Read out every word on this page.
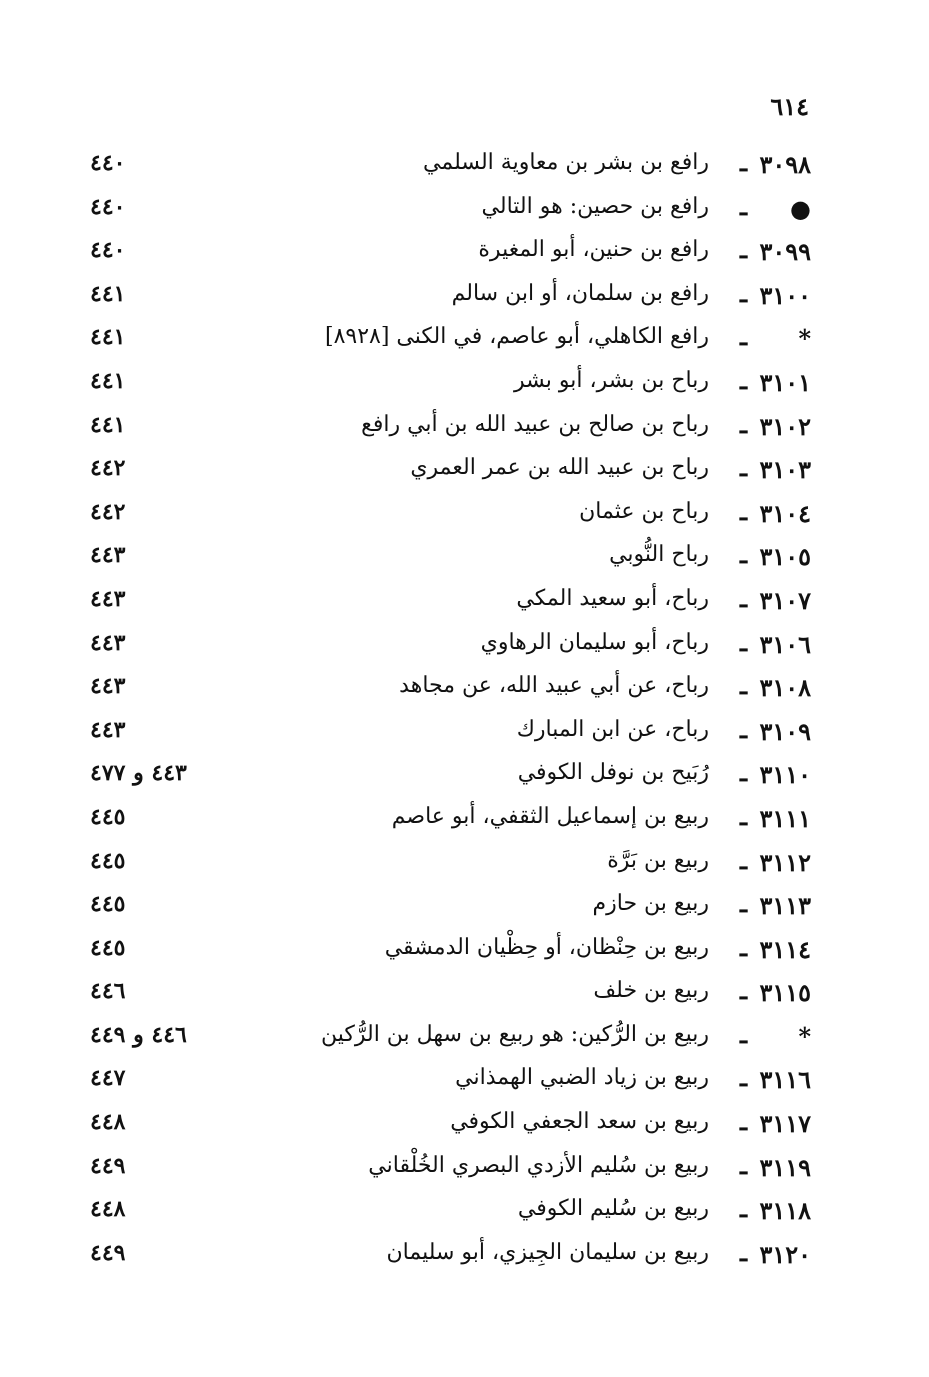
٦١٤
٣٠٩٨
ـ
رافع بن بشر بن معاوية السلمي
٤٤٠
●
ـ
رافع بن حصين: هو التالي
٤٤٠
٣٠٩٩
ـ
رافع بن حنين، أبو المغيرة
٤٤٠
٣١٠٠
ـ
رافع بن سلمان، أو ابن سالم
٤٤١
*
ـ
رافع الكاهلي، أبو عاصم، في الكنى [٨٩٢٨]
٤٤١
٣١٠١
ـ
رباح بن بشر، أبو بشر
٤٤١
٣١٠٢
ـ
رباح بن صالح بن عبيد الله بن أبي رافع
٤٤١
٣١٠٣
ـ
رباح بن عبيد الله بن عمر العمري
٤٤٢
٣١٠٤
ـ
رباح بن عثمان
٤٤٢
٣١٠٥
ـ
رباح النُّوبي
٤٤٣
٣١٠٧
ـ
رباح، أبو سعيد المكي
٤٤٣
٣١٠٦
ـ
رباح، أبو سليمان الرهاوي
٤٤٣
٣١٠٨
ـ
رباح، عن أبي عبيد الله، عن مجاهد
٤٤٣
٣١٠٩
ـ
رباح، عن ابن المبارك
٤٤٣
٣١١٠
ـ
رُبَيح بن نوفل الكوفي
٤٤٣ و ٤٧٧
٣١١١
ـ
ربيع بن إسماعيل الثقفي، أبو عاصم
٤٤٥
٣١١٢
ـ
ربيع بن بَرَّة
٤٤٥
٣١١٣
ـ
ربيع بن حازم
٤٤٥
٣١١٤
ـ
ربيع بن حِنْظان، أو حِظْيان الدمشقي
٤٤٥
٣١١٥
ـ
ربيع بن خلف
٤٤٦
*
ـ
ربيع بن الرُّكين: هو ربيع بن سهل بن الرُّكين
٤٤٦ و ٤٤٩
٣١١٦
ـ
ربيع بن زياد الضبي الهمذاني
٤٤٧
٣١١٧
ـ
ربيع بن سعد الجعفي الكوفي
٤٤٨
٣١١٩
ـ
ربيع بن سُليم الأزدي البصري الخُلْقاني
٤٤٩
٣١١٨
ـ
ربيع بن سُليم الكوفي
٤٤٨
٣١٢٠
ـ
ربيع بن سليمان الجِيزي، أبو سليمان
٤٤٩
